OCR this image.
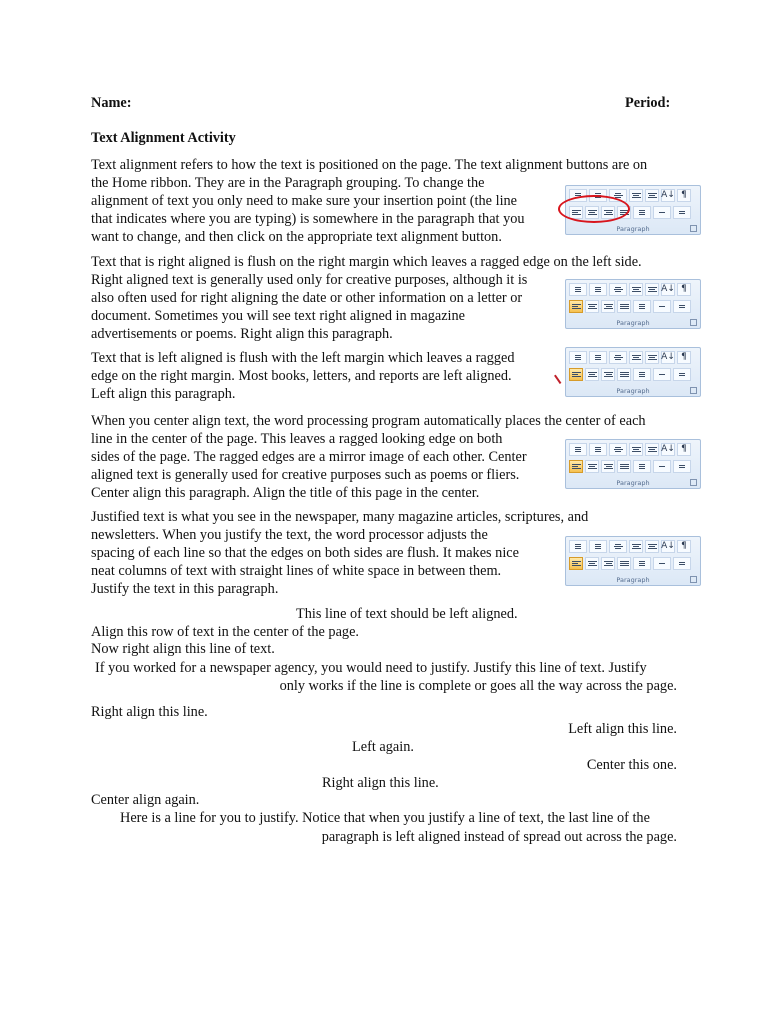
Name:	Period:
Text Alignment Activity
Text alignment refers to how the text is positioned on the page. The text alignment buttons are on
the Home ribbon. They are in the Paragraph grouping. To change the
alignment of text you only need to make sure your insertion point (the line
that indicates where you are typing) is somewhere in the paragraph that you
want to change, and then click on the appropriate text alignment button.
Text that is right aligned is flush on the right margin which leaves a ragged edge on the left side.
Right aligned text is generally used only for creative purposes, although it is
also often used for right aligning the date or other information on a letter or
document. Sometimes you will see text right aligned in magazine
advertisements or poems. Right align this paragraph.
Text that is left aligned is flush with the left margin which leaves a ragged
edge on the right margin. Most books, letters, and reports are left aligned.
Left align this paragraph.
When you center align text, the word processing program automatically places the center of each
line in the center of the page. This leaves a ragged looking edge on both
sides of the page. The ragged edges are a mirror image of each other. Center
aligned text is generally used for creative purposes such as poems or fliers.
Center align this paragraph. Align the title of this page in the center.
Justified text is what you see in the newspaper, many magazine articles, scriptures, and
newsletters. When you justify the text, the word processor adjusts the
spacing of each line so that the edges on both sides are flush. It makes nice
neat columns of text with straight lines of white space in between them.
Justify the text in this paragraph.
This line of text should be left aligned.
Align this row of text in the center of the page.
Now right align this line of text.
If you worked for a newspaper agency, you would need to justify. Justify this line of text. Justify
only works if the line is complete or goes all the way across the page.
Right align this line.
Left align this line.
Left again.
Center this one.
Right align this line.
Center align again.
Here is a line for you to justify. Notice that when you justify a line of text, the last line of the
paragraph is left aligned instead of spread out across the page.
A↓ ¶
Paragraph
A↓ ¶
Paragraph
A↓ ¶
Paragraph
A↓ ¶
Paragraph
A↓ ¶
Paragraph
